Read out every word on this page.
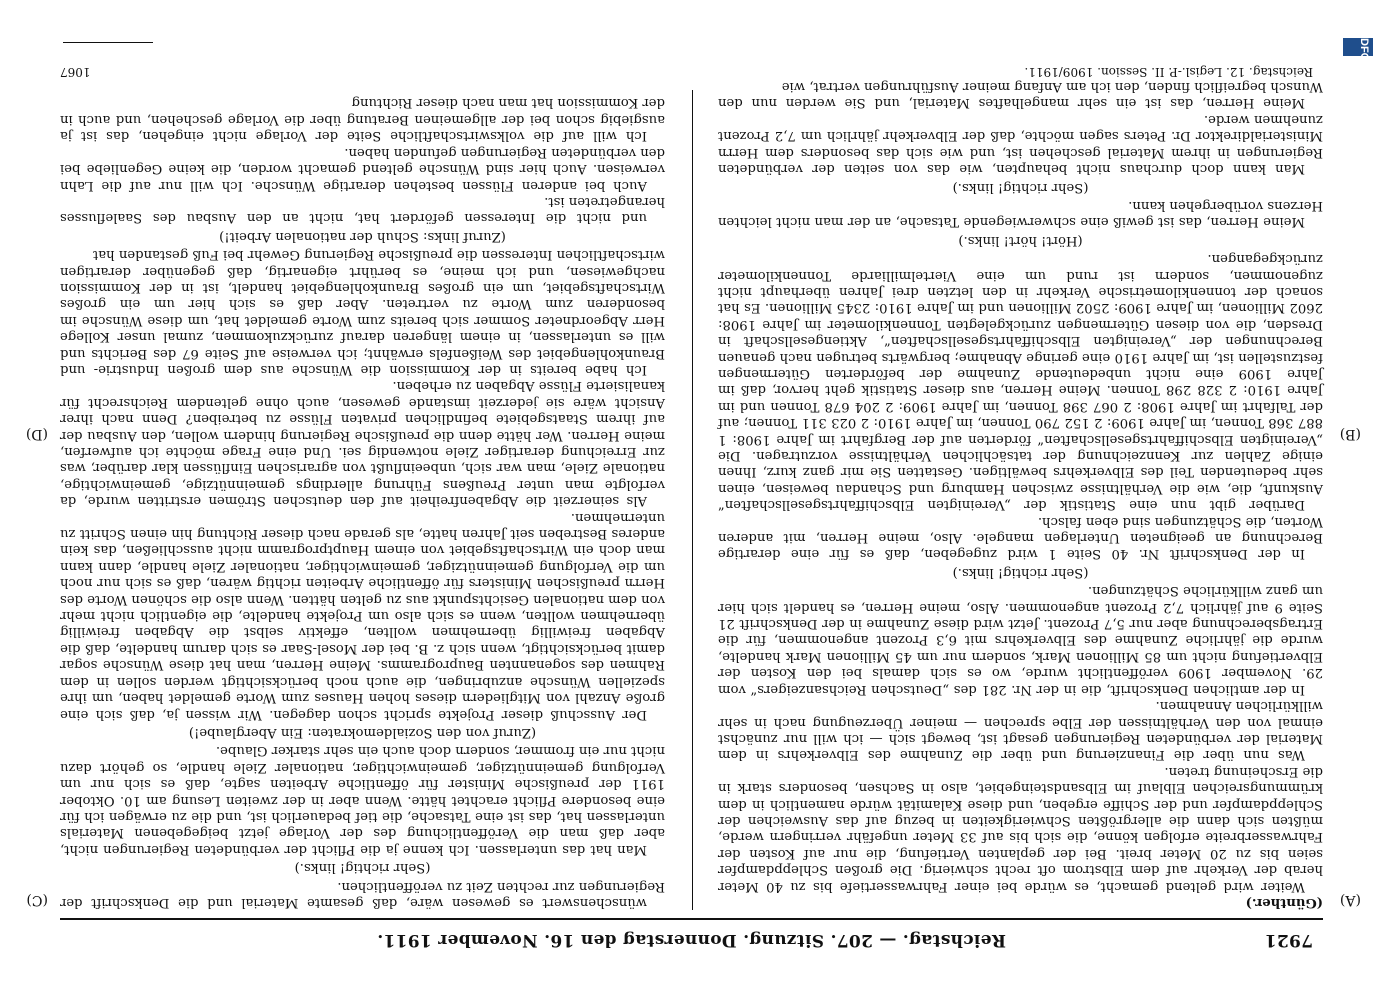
7921
Reichstag. — 207. Sitzung. Donnerstag den 16. November 1911.
(A)
(B)
(C)
(D)

(Günther.)

Weiter wird geltend gemacht, es würde bei einer Fahrwassertiefe bis zu 40 Meter herab der Verkehr auf dem Elbstrom oft recht schwierig. Die großen Schleppdampfer seien bis zu 20 Meter breit. Bei der geplanten Vertiefung, die nur auf Kosten der Fahrwasserbreite erfolgen könne, die sich bis auf 33 Meter ungefähr verringern werde, müßten sich dann die allergrößten Schwierigkeiten in bezug auf das Ausweichen der Schleppdampfer und der Schiffe ergeben, und diese Kalamität würde namentlich in dem krümmungsreichen Elblauf im Elbsandsteingebiet, also in Sachsen, besonders stark in die Erscheinung treten.

Was nun über die Finanzierung und über die Zunahme des Elbverkehrs in dem Material der verbündeten Regierungen gesagt ist, bewegt sich — ich will nur zunächst einmal von den Verhältnissen der Elbe sprechen — meiner Überzeugung nach in sehr willkürlichen Annahmen.

In der amtlichen Denkschrift, die in der Nr. 281 des „Deutschen Reichsanzeigers“ vom 29. November 1909 veröffentlicht wurde, wo es sich damals bei den Kosten der Elbvertiefung nicht um 85 Millionen Mark, sondern nur um 45 Millionen Mark handelte, wurde die jährliche Zunahme des Elbverkehrs mit 6,3 Prozent angenommen, für die Ertragsberechnung aber nur 5,7 Prozent. Jetzt wird diese Zunahme in der Denkschrift 21 Seite 9 auf jährlich 7,2 Prozent angenommen. Also, meine Herren, es handelt sich hier um ganz willkürliche Schätzungen.

(Sehr richtig! links.)

In der Denkschrift Nr. 40 Seite 1 wird zugegeben, daß es für eine derartige Berechnung an geeigneten Unterlagen mangele. Also, meine Herren, mit anderen Worten, die Schätzungen sind eben falsch.

Darüber gibt nun eine Statistik der „Vereinigten Elbschiffahrtsgesellschaften“ Auskunft, die, wie die Verhältnisse zwischen Hamburg und Schandau beweisen, einen sehr bedeutenden Teil des Elbverkehrs bewältigen. Gestatten Sie mir ganz kurz, Ihnen einige Zahlen zur Kennzeichnung der tatsächlichen Verhältnisse vorzutragen. Die „Vereinigten Elbschiffahrtsgesellschaften“ förderten auf der Bergfahrt im Jahre 1908: 1 887 368 Tonnen, im Jahre 1909: 2 152 790 Tonnen, im Jahre 1910: 2 023 311 Tonnen; auf der Talfahrt im Jahre 1908: 2 067 398 Tonnen, im Jahre 1909: 2 204 678 Tonnen und im Jahre 1910: 2 328 298 Tonnen. Meine Herren, aus dieser Statistik geht hervor, daß im Jahre 1909 eine nicht unbedeutende Zunahme der beförderten Gütermengen festzustellen ist, im Jahre 1910 eine geringe Abnahme; bergwärts betrugen nach genauen Berechnungen der „Vereinigten Elbschiffahrtsgesellschaften“, Aktiengesellschaft in Dresden, die von diesen Gütermengen zurückgelegten Tonnenkilometer im Jahre 1908: 2602 Millionen, im Jahre 1909: 2502 Millionen und im Jahre 1910: 2345 Millionen. Es hat sonach der tonnenkilometrische Verkehr in den letzten drei Jahren überhaupt nicht zugenommen, sondern ist rund um eine Viertelmilliarde Tonnenkilometer zurückgegangen.

(Hört! hört! links.)

Meine Herren, das ist gewiß eine schwerwiegende Tatsache, an der man nicht leichten Herzens vorübergehen kann.

(Sehr richtig! links.)

Man kann doch durchaus nicht behaupten, wie das von seiten der verbündeten Regierungen in ihrem Material geschehen ist, und wie sich das besonders dem Herrn Ministerialdirektor Dr. Peters sagen möchte, daß der Elbverkehr jährlich um 7,2 Prozent zunehmen werde.

Meine Herren, das ist ein sehr mangelhaftes Material, und Sie werden nun den Wunsch begreiflich finden, den ich am Anfang meiner Ausführungen vertrat, wie

wünschenswert es gewesen wäre, daß gesamte Material und die Denkschrift der Regierungen zur rechten Zeit zu veröffentlichen.

(Sehr richtig! links.)

Man hat das unterlassen. Ich kenne ja die Pflicht der verbündeten Regierungen nicht, aber daß man die Veröffentlichung des der Vorlage jetzt beigegebenen Materials unterlassen hat, das ist eine Tatsache, die tief bedauerlich ist, und die zu erwägen ich für eine besondere Pflicht erachtet hätte. Wenn aber in der zweiten Lesung am 10. Oktober 1911 der preußische Minister für öffentliche Arbeiten sagte, daß es sich nur um Verfolgung gemeinnütziger, gemeinwichtiger, nationaler Ziele handle, so gehört dazu nicht nur ein frommer, sondern doch auch ein sehr starker Glaube.

(Zuruf von den Sozialdemokraten: Ein Aberglaube!)

Der Ausschuß dieser Projekte spricht schon dagegen. Wir wissen ja, daß sich eine große Anzahl von Mitgliedern dieses hohen Hauses zum Worte gemeldet haben, um ihre speziellen Wünsche anzubringen, die auch noch berücksichtigt werden sollen in dem Rahmen des sogenannten Bauprogramms. Meine Herren, man hat diese Wünsche sogar damit berücksichtigt, wenn sich z. B. bei der Mosel-Saar es sich darum handelte, daß die Abgaben freiwillig übernehmen wollten, effektiv selbst die Abgaben freiwillig übernehmen wollten, wenn es sich also um Projekte handelte, die eigentlich nicht mehr von dem nationalen Gesichtspunkt aus zu gelten hätten. Wenn also die schönen Worte des Herrn preußischen Ministers für öffentliche Arbeiten richtig wären, daß es sich nur noch um die Verfolgung gemeinnütziger, gemeinwichtiger, nationaler Ziele handle, dann kann man doch ein Wirtschaftsgebiet von einem Hauptprogramm nicht ausschließen, das kein anderes Bestreben seit Jahren hatte, als gerade nach dieser Richtung hin einen Schritt zu unternehmen.

Als seinerzeit die Abgabenfreiheit auf den deutschen Strömen erstritten wurde, da verfolgte man unter Preußens Führung allerdings gemeinnützige, gemeinwichtige, nationale Ziele, man war sich, unbeeinflußt von agrarischen Einflüssen klar darüber, was zur Erreichung derartiger Ziele notwendig sei. Und eine Frage möchte ich aufwerfen, meine Herren. Wer hätte denn die preußische Regierung hindern wollen, den Ausbau der auf ihrem Staatsgebiete befindlichen privaten Flüsse zu betreiben? Denn nach ihrer Ansicht wäre sie jederzeit imstande gewesen, auch ohne geltendem Reichsrecht für kanalisierte Flüsse Abgaben zu erheben.

Ich habe bereits in der Kommission die Wünsche aus dem großen Industrie- und Braunkohlengebiet des Weißenfels erwähnt; ich verweise auf Seite 67 des Berichts und will es unterlassen, in einem längeren darauf zurückzukommen, zumal unser Kollege Herr Abgeordneter Sommer sich bereits zum Worte gemeldet hat, um diese Wünsche im besonderen zum Worte zu vertreten. Aber daß es sich hier um ein großes Wirtschaftsgebiet, um ein großes Braunkohlengebiet handelt, ist in der Kommission nachgewiesen, und ich meine, es berührt eigenartig, daß gegenüber derartigen wirtschaftlichen Interessen die preußische Regierung Gewehr bei Fuß gestanden hat

(Zuruf links: Schuh der nationalen Arbeit!)

und nicht die Interessen gefördert hat, nicht an den Ausbau des Saaleflusses herangetreten ist.

Auch bei anderen Flüssen bestehen derartige Wünsche. Ich will nur auf die Lahn verweisen. Auch hier sind Wünsche geltend gemacht worden, die keine Gegenliebe bei den verbündeten Regierungen gefunden haben.

Ich will auf die volkswirtschaftliche Seite der Vorlage nicht eingehen, das ist ja ausgiebig schon bei der allgemeinen Beratung über die Vorlage geschehen, und auch in der Kommission hat man nach dieser Richtung

Reichstag. 12. Legisl.-P. II. Session. 1909/1911.
1067
DFG
